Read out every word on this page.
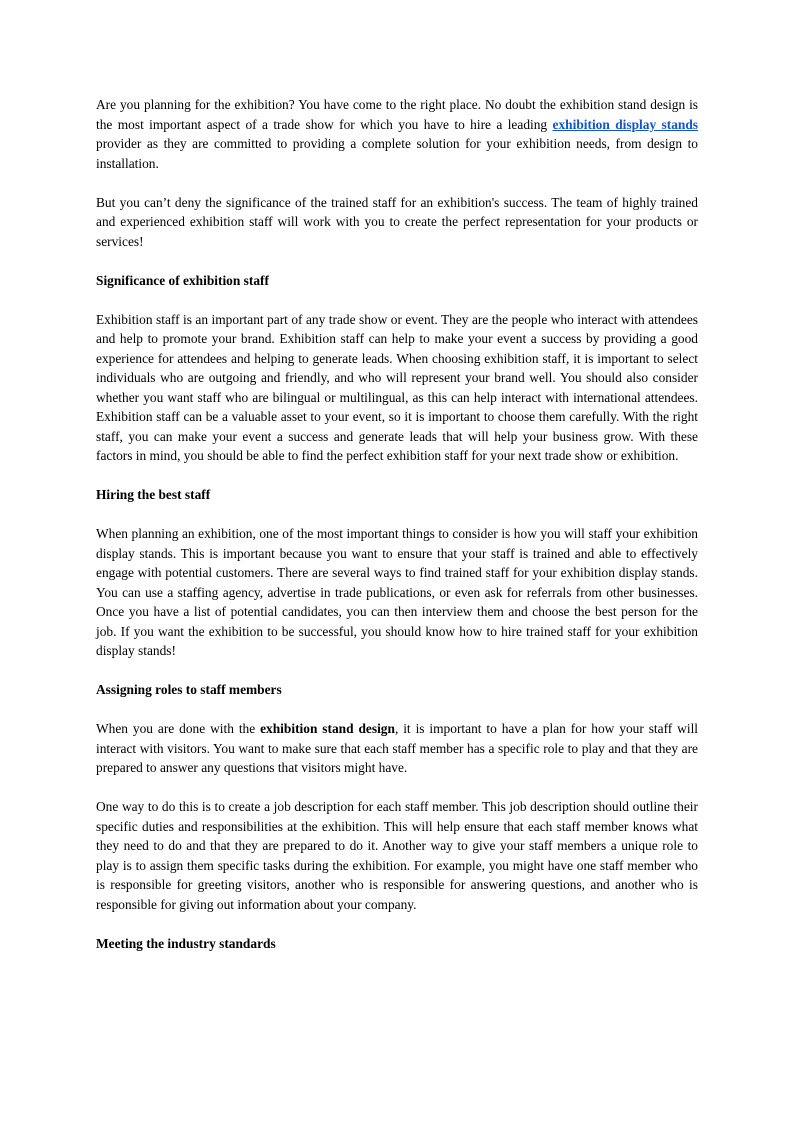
Are you planning for the exhibition? You have come to the right place. No doubt the exhibition stand design is the most important aspect of a trade show for which you have to hire a leading exhibition display stands provider as they are committed to providing a complete solution for your exhibition needs, from design to installation.

But you can’t deny the significance of the trained staff for an exhibition's success. The team of highly trained and experienced exhibition staff will work with you to create the perfect representation for your products or services!

Significance of exhibition staff

Exhibition staff is an important part of any trade show or event. They are the people who interact with attendees and help to promote your brand. Exhibition staff can help to make your event a success by providing a good experience for attendees and helping to generate leads. When choosing exhibition staff, it is important to select individuals who are outgoing and friendly, and who will represent your brand well. You should also consider whether you want staff who are bilingual or multilingual, as this can help interact with international attendees. Exhibition staff can be a valuable asset to your event, so it is important to choose them carefully. With the right staff, you can make your event a success and generate leads that will help your business grow. With these factors in mind, you should be able to find the perfect exhibition staff for your next trade show or exhibition.

Hiring the best staff

When planning an exhibition, one of the most important things to consider is how you will staff your exhibition display stands. This is important because you want to ensure that your staff is trained and able to effectively engage with potential customers. There are several ways to find trained staff for your exhibition display stands. You can use a staffing agency, advertise in trade publications, or even ask for referrals from other businesses. Once you have a list of potential candidates, you can then interview them and choose the best person for the job. If you want the exhibition to be successful, you should know how to hire trained staff for your exhibition display stands!

Assigning roles to staff members

When you are done with the exhibition stand design, it is important to have a plan for how your staff will interact with visitors. You want to make sure that each staff member has a specific role to play and that they are prepared to answer any questions that visitors might have.

One way to do this is to create a job description for each staff member. This job description should outline their specific duties and responsibilities at the exhibition. This will help ensure that each staff member knows what they need to do and that they are prepared to do it. Another way to give your staff members a unique role to play is to assign them specific tasks during the exhibition. For example, you might have one staff member who is responsible for greeting visitors, another who is responsible for answering questions, and another who is responsible for giving out information about your company.

Meeting the industry standards
